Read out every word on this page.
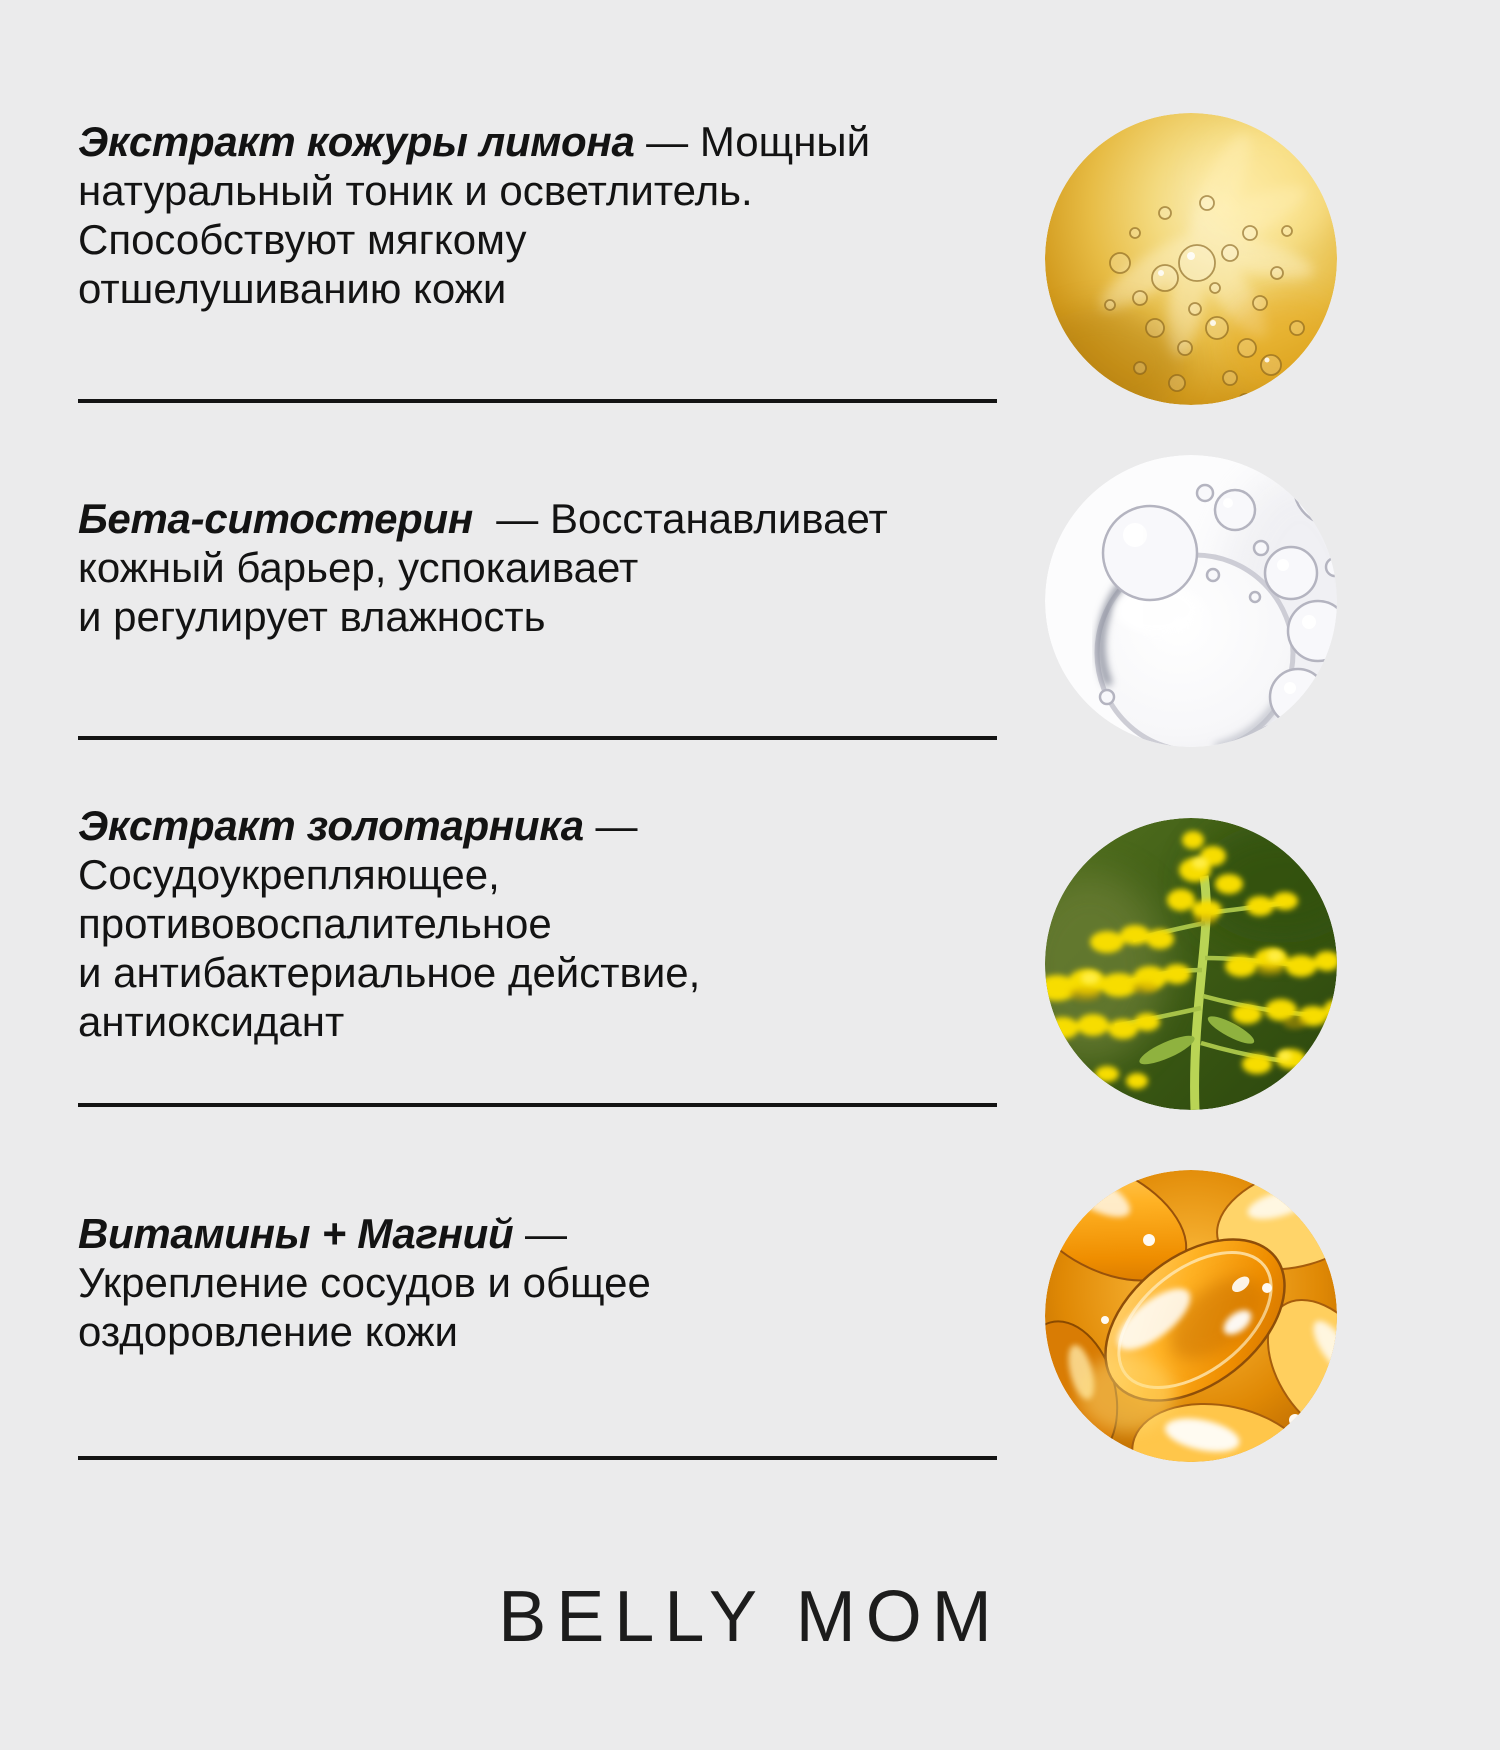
Экстракт кожуры лимона — Мощный
натуральный тоник и осветлитель.
Способствуют мягкому
отшелушиванию кожи

Бета-ситостерин  — Восстанавливает
кожный барьер, успокаивает
и регулирует влажность

Экстракт золотарника —
Сосудоукрепляющее,
противовоспалительное
и антибактериальное действие,
антиоксидант

Витамины + Магний —
Укрепление сосудов и общее
оздоровление кожи

BELLY MOM
